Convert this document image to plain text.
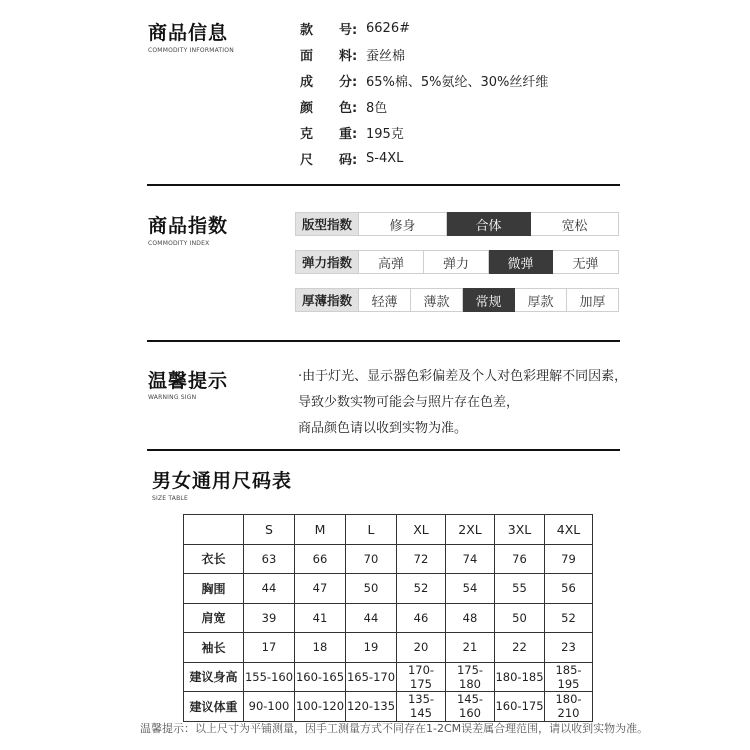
商品信息
COMMODITY INFORMATION
款　　号: 6626#
面　　料: 蚕丝棉
成　　分: 65%棉、5%氨纶、30%丝纤维
颜　　色: 8色
克　　重: 195克
尺　　码: S-4XL
商品指数
COMMODITY INDEX
版型指数	修身	合体	宽松
弹力指数	高弹	弹力	微弹	无弹
厚薄指数	轻薄	薄款	常规	厚款	加厚
温馨提示
WARNING SIGN
·由于灯光、显示器色彩偏差及个人对色彩理解不同因素，
导致少数实物可能会与照片存在色差，
商品颜色请以收到实物为准。
男女通用尺码表
SIZE TABLE
	S	M	L	XL	2XL	3XL	4XL
衣长	63	66	70	72	74	76	79
胸围	44	47	50	52	54	55	56
肩宽	39	41	44	46	48	50	52
袖长	17	18	19	20	21	22	23
建议身高	155-160	160-165	165-170	170-175	175-180	180-185	185-195
建议体重	90-100	100-120	120-135	135-145	145-160	160-175	180-210
温馨提示：以上尺寸为平铺测量，因手工测量方式不同存在1-2CM误差属合理范围，请以收到实物为准。
